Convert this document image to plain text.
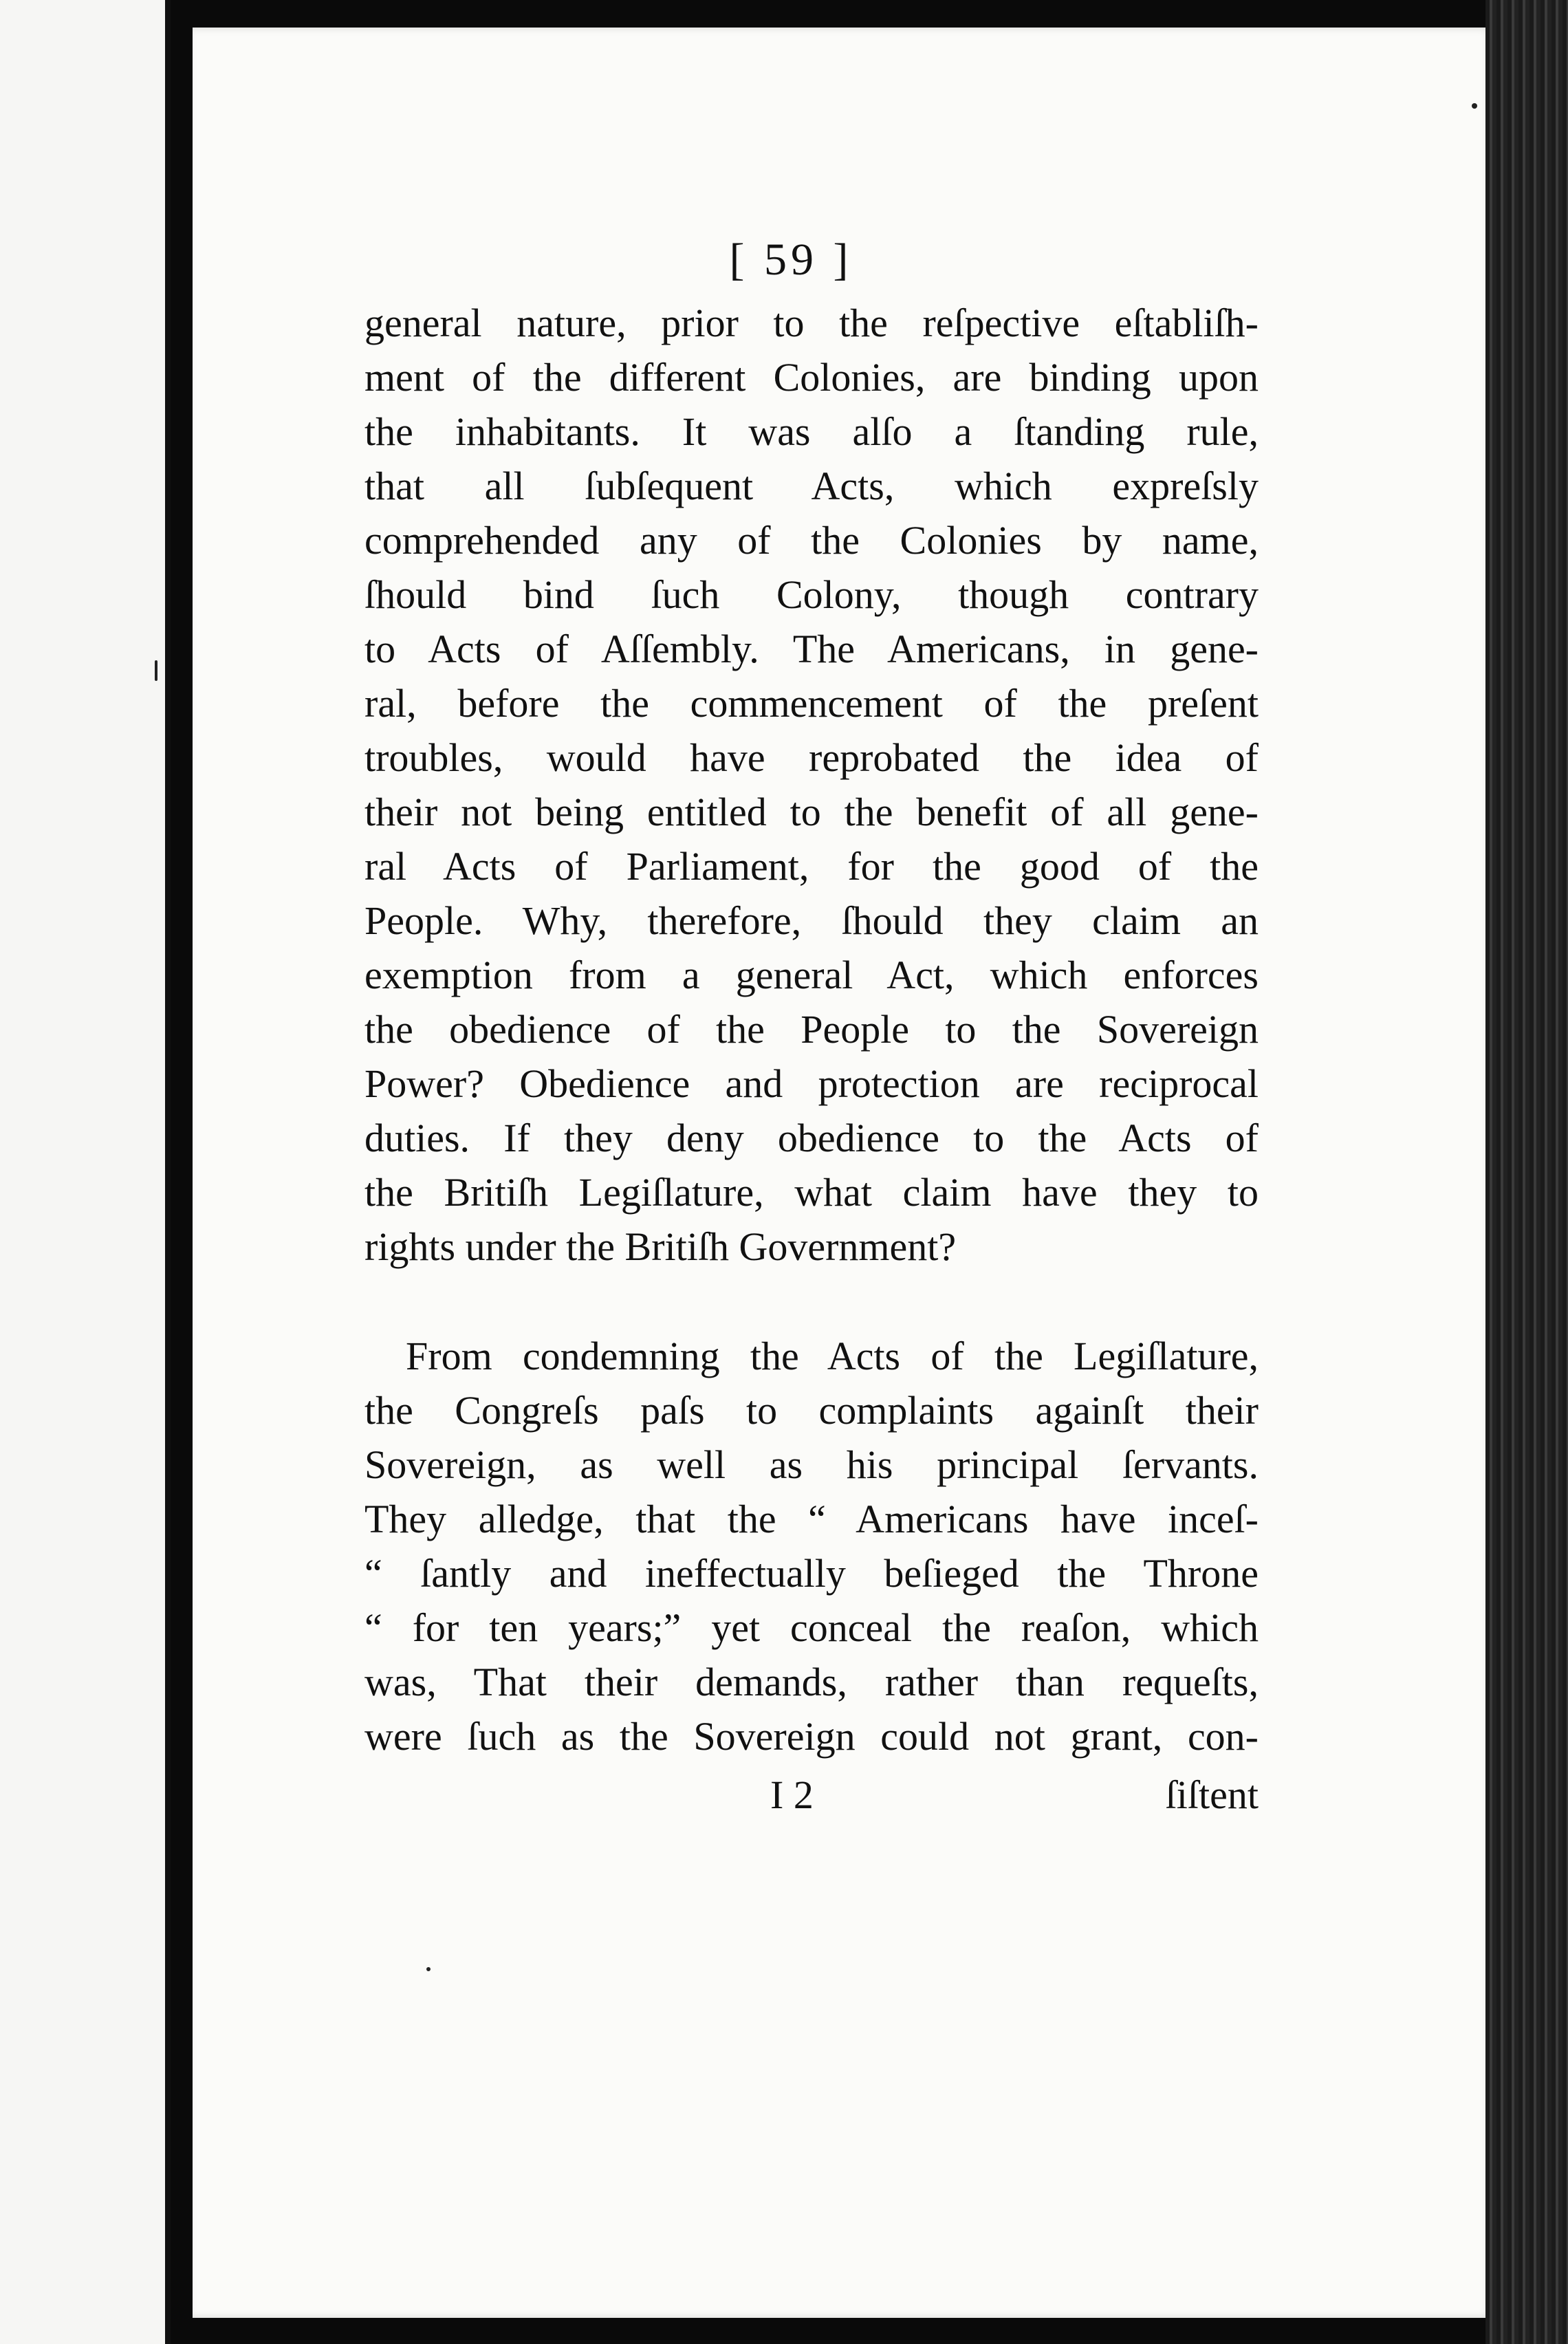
[ 59 ]
general nature, prior to the reſpective eſtabliſh-
ment of the different Colonies, are binding upon
the inhabitants. It was alſo a ſtanding rule,
that all ſubſequent Acts, which expreſsly
comprehended any of the Colonies by name,
ſhould bind ſuch Colony, though contrary
to Acts of Aſſembly. The Americans, in gene-
ral, before the commencement of the preſent
troubles, would have reprobated the idea of
their not being entitled to the benefit of all gene-
ral Acts of Parliament, for the good of the
People. Why, therefore, ſhould they claim an
exemption from a general Act, which enforces
the obedience of the People to the Sovereign
Power? Obedience and protection are reciprocal
duties. If they deny obedience to the Acts of
the Britiſh Legiſlature, what claim have they to
rights under the Britiſh Government?
From condemning the Acts of the Legiſlature,
the Congreſs paſs to complaints againſt their
Sovereign, as well as his principal ſervants.
They alledge, that the “ Americans have inceſ-
“ ſantly and ineffectually beſieged the Throne
“ for ten years;” yet conceal the reaſon, which
was, That their demands, rather than requeſts,
were ſuch as the Sovereign could not grant, con-
I 2	ſiſtent
